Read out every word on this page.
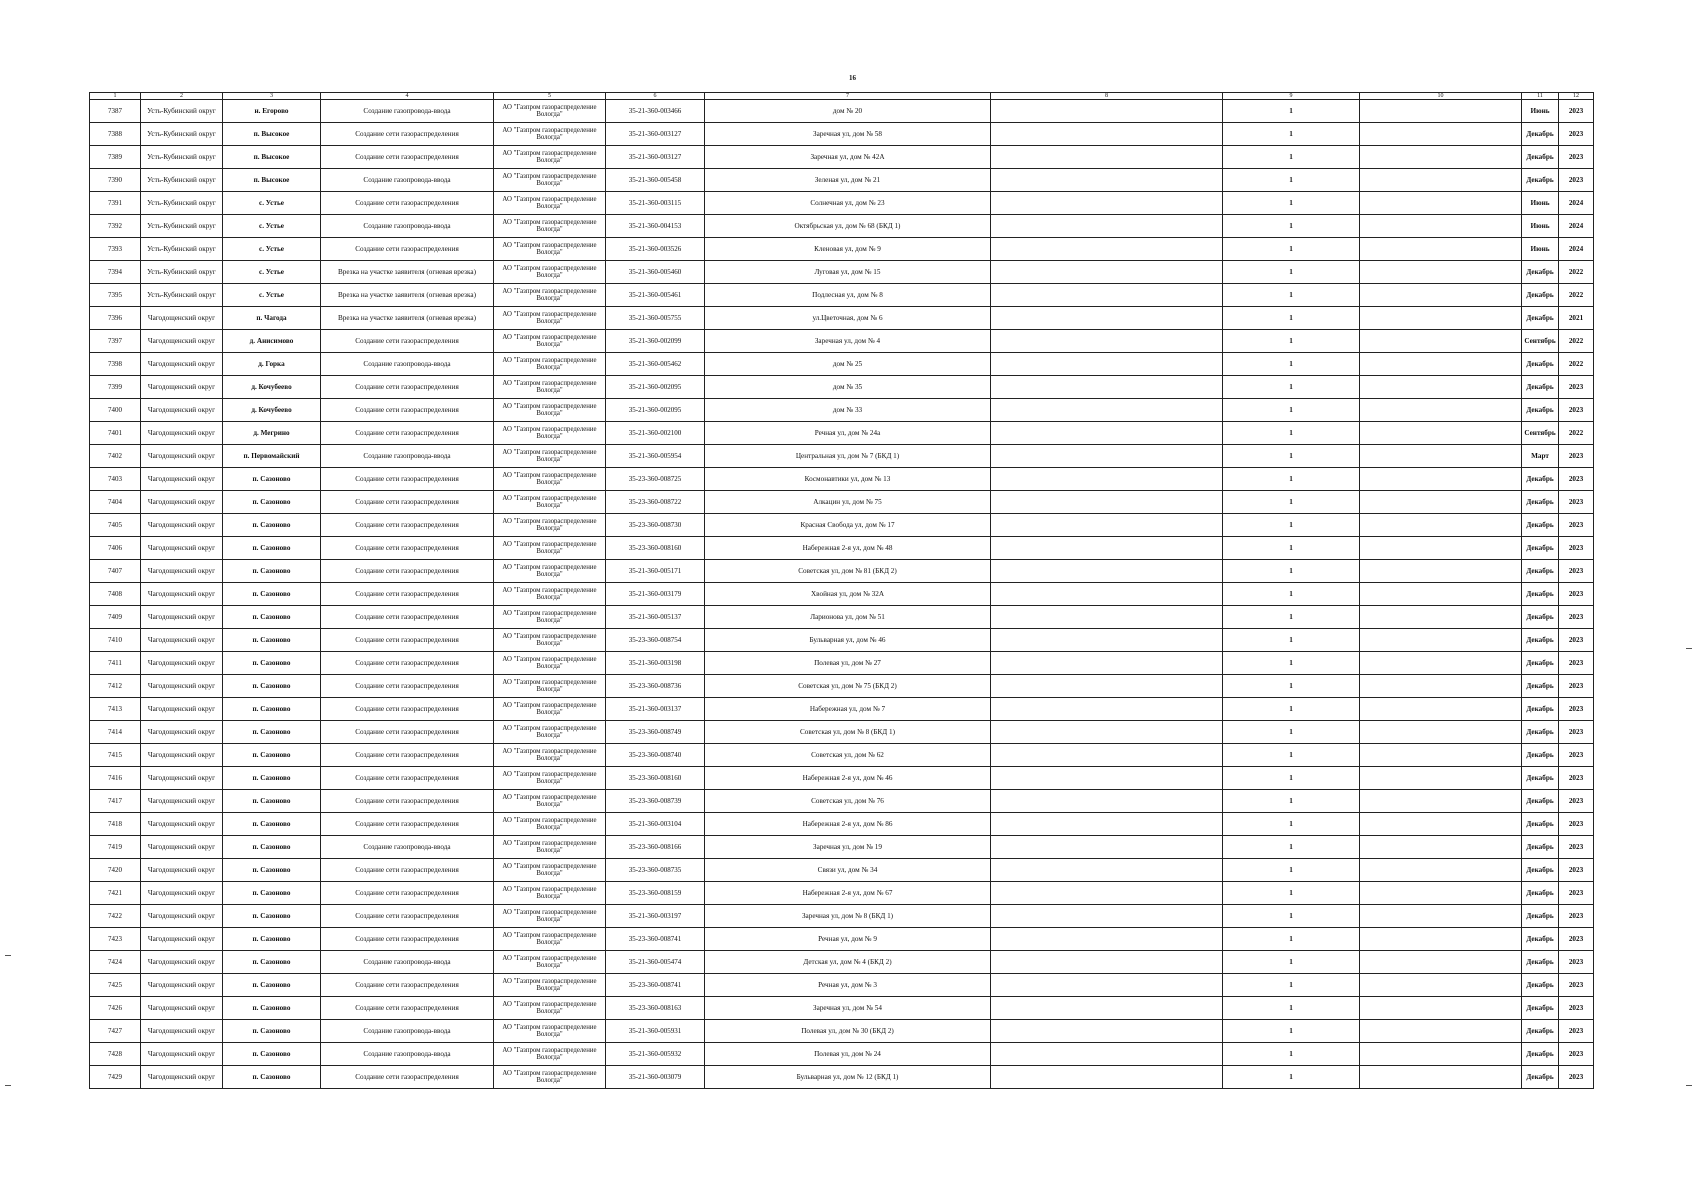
16
1	2	3	4	5	6	7	8	9	10	11	12
7387	Усть-Кубинский округ	н. Егорово	Создание газопровода-ввода	АО "Газпром газораспределение Вологда"	35-21-360-003466	дом № 20		1		Июнь	2023
7388	Усть-Кубинский округ	п. Высокое	Создание сети газораспределения	АО "Газпром газораспределение Вологда"	35-21-360-003127	Заречная ул, дом № 58		1		Декабрь	2023
7389	Усть-Кубинский округ	п. Высокое	Создание сети газораспределения	АО "Газпром газораспределение Вологда"	35-21-360-003127	Заречная ул, дом № 42А		1		Декабрь	2023
7390	Усть-Кубинский округ	п. Высокое	Создание газопровода-ввода	АО "Газпром газораспределение Вологда"	35-21-360-005458	Зеленая ул, дом № 21		1		Декабрь	2023
7391	Усть-Кубинский округ	с. Устье	Создание сети газораспределения	АО "Газпром газораспределение Вологда"	35-21-360-003115	Солнечная ул, дом № 23		1		Июнь	2024
7392	Усть-Кубинский округ	с. Устье	Создание газопровода-ввода	АО "Газпром газораспределение Вологда"	35-21-360-004153	Октябрьская ул, дом № 68 (БКД 1)		1		Июнь	2024
7393	Усть-Кубинский округ	с. Устье	Создание сети газораспределения	АО "Газпром газораспределение Вологда"	35-21-360-003526	Кленовая ул, дом № 9		1		Июнь	2024
7394	Усть-Кубинский округ	с. Устье	Врезка на участке заявителя (огневая врезка)	АО "Газпром газораспределение Вологда"	35-21-360-005460	Луговая ул, дом № 15		1		Декабрь	2022
7395	Усть-Кубинский округ	с. Устье	Врезка на участке заявителя (огневая врезка)	АО "Газпром газораспределение Вологда"	35-21-360-005461	Подлесная ул, дом № 8		1		Декабрь	2022
7396	Чагодощенский округ	п. Чагода	Врезка на участке заявителя (огневая врезка)	АО "Газпром газораспределение Вологда"	35-21-360-005755	ул.Цветочная, дом № 6		1		Декабрь	2021
7397	Чагодощенский округ	д. Анисимово	Создание сети газораспределения	АО "Газпром газораспределение Вологда"	35-21-360-002099	Заречная ул, дом № 4		1		Сентябрь	2022
7398	Чагодощенский округ	д. Горка	Создание газопровода-ввода	АО "Газпром газораспределение Вологда"	35-21-360-005462	дом № 25		1		Декабрь	2022
7399	Чагодощенский округ	д. Кочубеево	Создание сети газораспределения	АО "Газпром газораспределение Вологда"	35-21-360-002095	дом № 35		1		Декабрь	2023
7400	Чагодощенский округ	д. Кочубеево	Создание сети газораспределения	АО "Газпром газораспределение Вологда"	35-21-360-002095	дом № 33		1		Декабрь	2023
7401	Чагодощенский округ	д. Мегрино	Создание сети газораспределения	АО "Газпром газораспределение Вологда"	35-21-360-002100	Речная ул, дом № 24а		1		Сентябрь	2022
7402	Чагодощенский округ	п. Первомайский	Создание газопровода-ввода	АО "Газпром газораспределение Вологда"	35-21-360-005954	Центральная ул, дом № 7 (БКД 1)		1		Март	2023
7403	Чагодощенский округ	п. Сазоново	Создание сети газораспределения	АО "Газпром газораспределение Вологда"	35-23-360-008725	Космонавтики ул, дом № 13		1		Декабрь	2023
7404	Чагодощенский округ	п. Сазоново	Создание сети газораспределения	АО "Газпром газораспределение Вологда"	35-23-360-008722	Алкацин ул, дом № 75		1		Декабрь	2023
7405	Чагодощенский округ	п. Сазоново	Создание сети газораспределения	АО "Газпром газораспределение Вологда"	35-23-360-008730	Красная Свобода ул, дом № 17		1		Декабрь	2023
7406	Чагодощенский округ	п. Сазоново	Создание сети газораспределения	АО "Газпром газораспределение Вологда"	35-23-360-008160	Набережная 2-я ул, дом № 48		1		Декабрь	2023
7407	Чагодощенский округ	п. Сазоново	Создание сети газораспределения	АО "Газпром газораспределение Вологда"	35-21-360-005171	Советская ул, дом № 81 (БКД 2)		1		Декабрь	2023
7408	Чагодощенский округ	п. Сазоново	Создание сети газораспределения	АО "Газпром газораспределение Вологда"	35-21-360-003179	Хвойная ул, дом № 32А		1		Декабрь	2023
7409	Чагодощенский округ	п. Сазоново	Создание сети газораспределения	АО "Газпром газораспределение Вологда"	35-21-360-005137	Ларионова ул, дом № 51		1		Декабрь	2023
7410	Чагодощенский округ	п. Сазоново	Создание сети газораспределения	АО "Газпром газораспределение Вологда"	35-23-360-008754	Бульварная ул, дом № 46		1		Декабрь	2023
7411	Чагодощенский округ	п. Сазоново	Создание сети газораспределения	АО "Газпром газораспределение Вологда"	35-21-360-003198	Полевая ул, дом № 27		1		Декабрь	2023
7412	Чагодощенский округ	п. Сазоново	Создание сети газораспределения	АО "Газпром газораспределение Вологда"	35-23-360-008736	Советская ул, дом № 75 (БКД 2)		1		Декабрь	2023
7413	Чагодощенский округ	п. Сазоново	Создание сети газораспределения	АО "Газпром газораспределение Вологда"	35-21-360-003137	Набережная ул, дом № 7		1		Декабрь	2023
7414	Чагодощенский округ	п. Сазоново	Создание сети газораспределения	АО "Газпром газораспределение Вологда"	35-23-360-008749	Советская ул, дом № 8 (БКД 1)		1		Декабрь	2023
7415	Чагодощенский округ	п. Сазоново	Создание сети газораспределения	АО "Газпром газораспределение Вологда"	35-23-360-008740	Советская ул, дом № 62		1		Декабрь	2023
7416	Чагодощенский округ	п. Сазоново	Создание сети газораспределения	АО "Газпром газораспределение Вологда"	35-23-360-008160	Набережная 2-я ул, дом № 46		1		Декабрь	2023
7417	Чагодощенский округ	п. Сазоново	Создание сети газораспределения	АО "Газпром газораспределение Вологда"	35-23-360-008739	Советская ул, дом № 76		1		Декабрь	2023
7418	Чагодощенский округ	п. Сазоново	Создание сети газораспределения	АО "Газпром газораспределение Вологда"	35-21-360-003104	Набережная 2-я ул, дом № 86		1		Декабрь	2023
7419	Чагодощенский округ	п. Сазоново	Создание газопровода-ввода	АО "Газпром газораспределение Вологда"	35-23-360-008166	Заречная ул, дом № 19		1		Декабрь	2023
7420	Чагодощенский округ	п. Сазоново	Создание сети газораспределения	АО "Газпром газораспределение Вологда"	35-23-360-008735	Связи ул, дом № 34		1		Декабрь	2023
7421	Чагодощенский округ	п. Сазоново	Создание сети газораспределения	АО "Газпром газораспределение Вологда"	35-23-360-008159	Набережная 2-я ул, дом № 67		1		Декабрь	2023
7422	Чагодощенский округ	п. Сазоново	Создание сети газораспределения	АО "Газпром газораспределение Вологда"	35-21-360-003197	Заречная ул, дом № 8 (БКД 1)		1		Декабрь	2023
7423	Чагодощенский округ	п. Сазоново	Создание сети газораспределения	АО "Газпром газораспределение Вологда"	35-23-360-008741	Речная ул, дом № 9		1		Декабрь	2023
7424	Чагодощенский округ	п. Сазоново	Создание газопровода-ввода	АО "Газпром газораспределение Вологда"	35-21-360-005474	Детская ул, дом № 4 (БКД 2)		1		Декабрь	2023
7425	Чагодощенский округ	п. Сазоново	Создание сети газораспределения	АО "Газпром газораспределение Вологда"	35-23-360-008741	Речная ул, дом № 3		1		Декабрь	2023
7426	Чагодощенский округ	п. Сазоново	Создание сети газораспределения	АО "Газпром газораспределение Вологда"	35-23-360-008163	Заречная ул, дом № 54		1		Декабрь	2023
7427	Чагодощенский округ	п. Сазоново	Создание газопровода-ввода	АО "Газпром газораспределение Вологда"	35-21-360-005931	Полевая ул, дом № 30 (БКД 2)		1		Декабрь	2023
7428	Чагодощенский округ	п. Сазоново	Создание газопровода-ввода	АО "Газпром газораспределение Вологда"	35-21-360-005932	Полевая ул, дом № 24		1		Декабрь	2023
7429	Чагодощенский округ	п. Сазоново	Создание сети газораспределения	АО "Газпром газораспределение Вологда"	35-21-360-003079	Бульварная ул, дом № 12 (БКД 1)		1		Декабрь	2023
